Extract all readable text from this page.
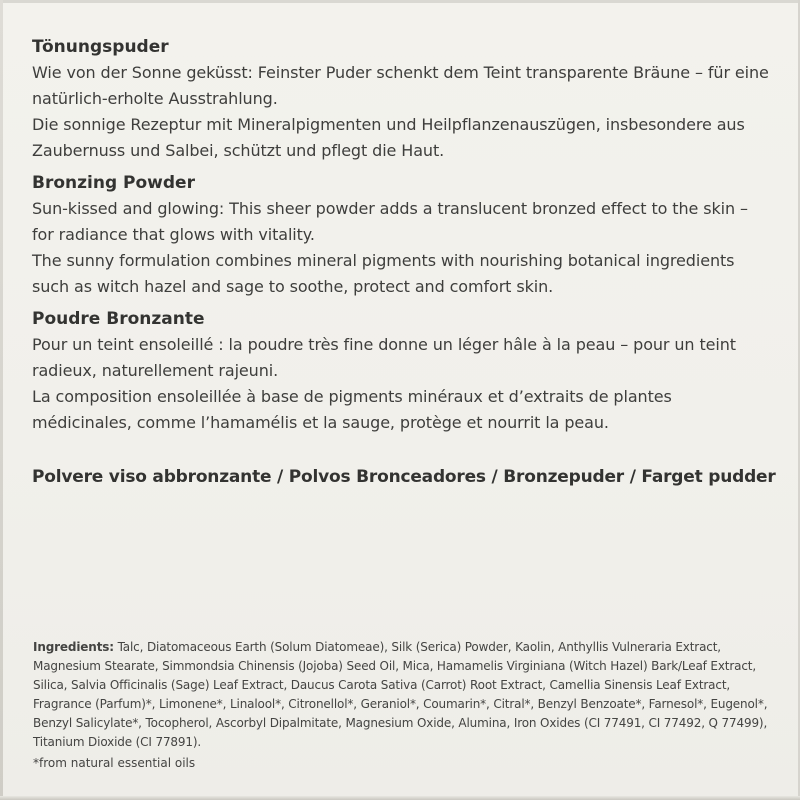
Tönungspuder
Wie von der Sonne geküsst: Feinster Puder schenkt dem Teint transparente Bräune – für eine natürlich-erholte Ausstrahlung.
Die sonnige Rezeptur mit Mineralpigmenten und Heilpflanzenauszügen, insbesondere aus Zaubernuss und Salbei, schützt und pflegt die Haut.
Bronzing Powder
Sun-kissed and glowing: This sheer powder adds a translucent bronzed effect to the skin – for radiance that glows with vitality.
The sunny formulation combines mineral pigments with nourishing botanical ingredients such as witch hazel and sage to soothe, protect and comfort skin.
Poudre Bronzante
Pour un teint ensoleillé : la poudre très fine donne un léger hâle à la peau – pour un teint radieux, naturellement rajeuni.
La composition ensoleillée à base de pigments minéraux et d’extraits de plantes médicinales, comme l’hamamélis et la sauge, protège et nourrit la peau.
Polvere viso abbronzante / Polvos Bronceadores / Bronzepuder / Farget pudder
Ingredients: Talc, Diatomaceous Earth (Solum Diatomeae), Silk (Serica) Powder, Kaolin, Anthyllis Vulneraria Extract, Magnesium Stearate, Simmondsia Chinensis (Jojoba) Seed Oil, Mica, Hamamelis Virginiana (Witch Hazel) Bark/Leaf Extract, Silica, Salvia Officinalis (Sage) Leaf Extract, Daucus Carota Sativa (Carrot) Root Extract, Camellia Sinensis Leaf Extract, Fragrance (Parfum)*, Limonene*, Linalool*, Citronellol*, Geraniol*, Coumarin*, Citral*, Benzyl Benzoate*, Farnesol*, Eugenol*, Benzyl Salicylate*, Tocopherol, Ascorbyl Dipalmitate, Magnesium Oxide, Alumina, Iron Oxides (CI 77491, CI 77492, Q 77499), Titanium Dioxide (CI 77891).
*from natural essential oils
